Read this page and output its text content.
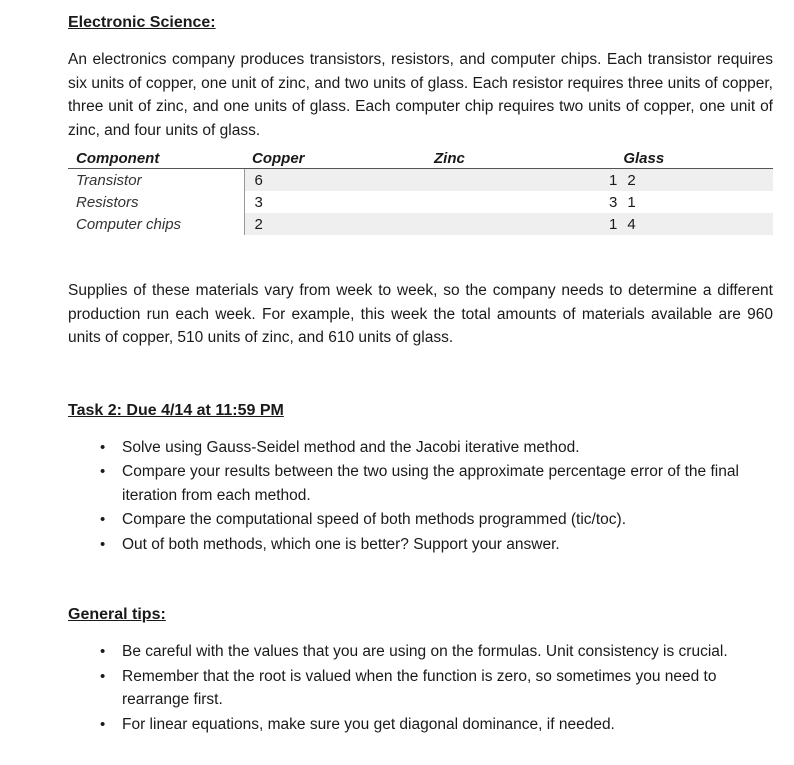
Electronic Science:

An electronics company produces transistors, resistors, and computer chips. Each transistor requires six units of copper, one unit of zinc, and two units of glass. Each resistor requires three units of copper, three unit of zinc, and one units of glass. Each computer chip requires two units of copper, one unit of zinc, and four units of glass.

Component	Copper	Zinc	Glass
Transistor	6	1	2
Resistors	3	3	1
Computer chips	2	1	4

Supplies of these materials vary from week to week, so the company needs to determine a different production run each week. For example, this week the total amounts of materials available are 960 units of copper, 510 units of zinc, and 610 units of glass.

Task 2: Due 4/14 at 11:59 PM
• Solve using Gauss-Seidel method and the Jacobi iterative method.
• Compare your results between the two using the approximate percentage error of the final iteration from each method.
• Compare the computational speed of both methods programmed (tic/toc).
• Out of both methods, which one is better? Support your answer.
General tips:
• Be careful with the values that you are using on the formulas. Unit consistency is crucial.
• Remember that the root is valued when the function is zero, so sometimes you need to rearrange first.
• For linear equations, make sure you get diagonal dominance, if needed.
